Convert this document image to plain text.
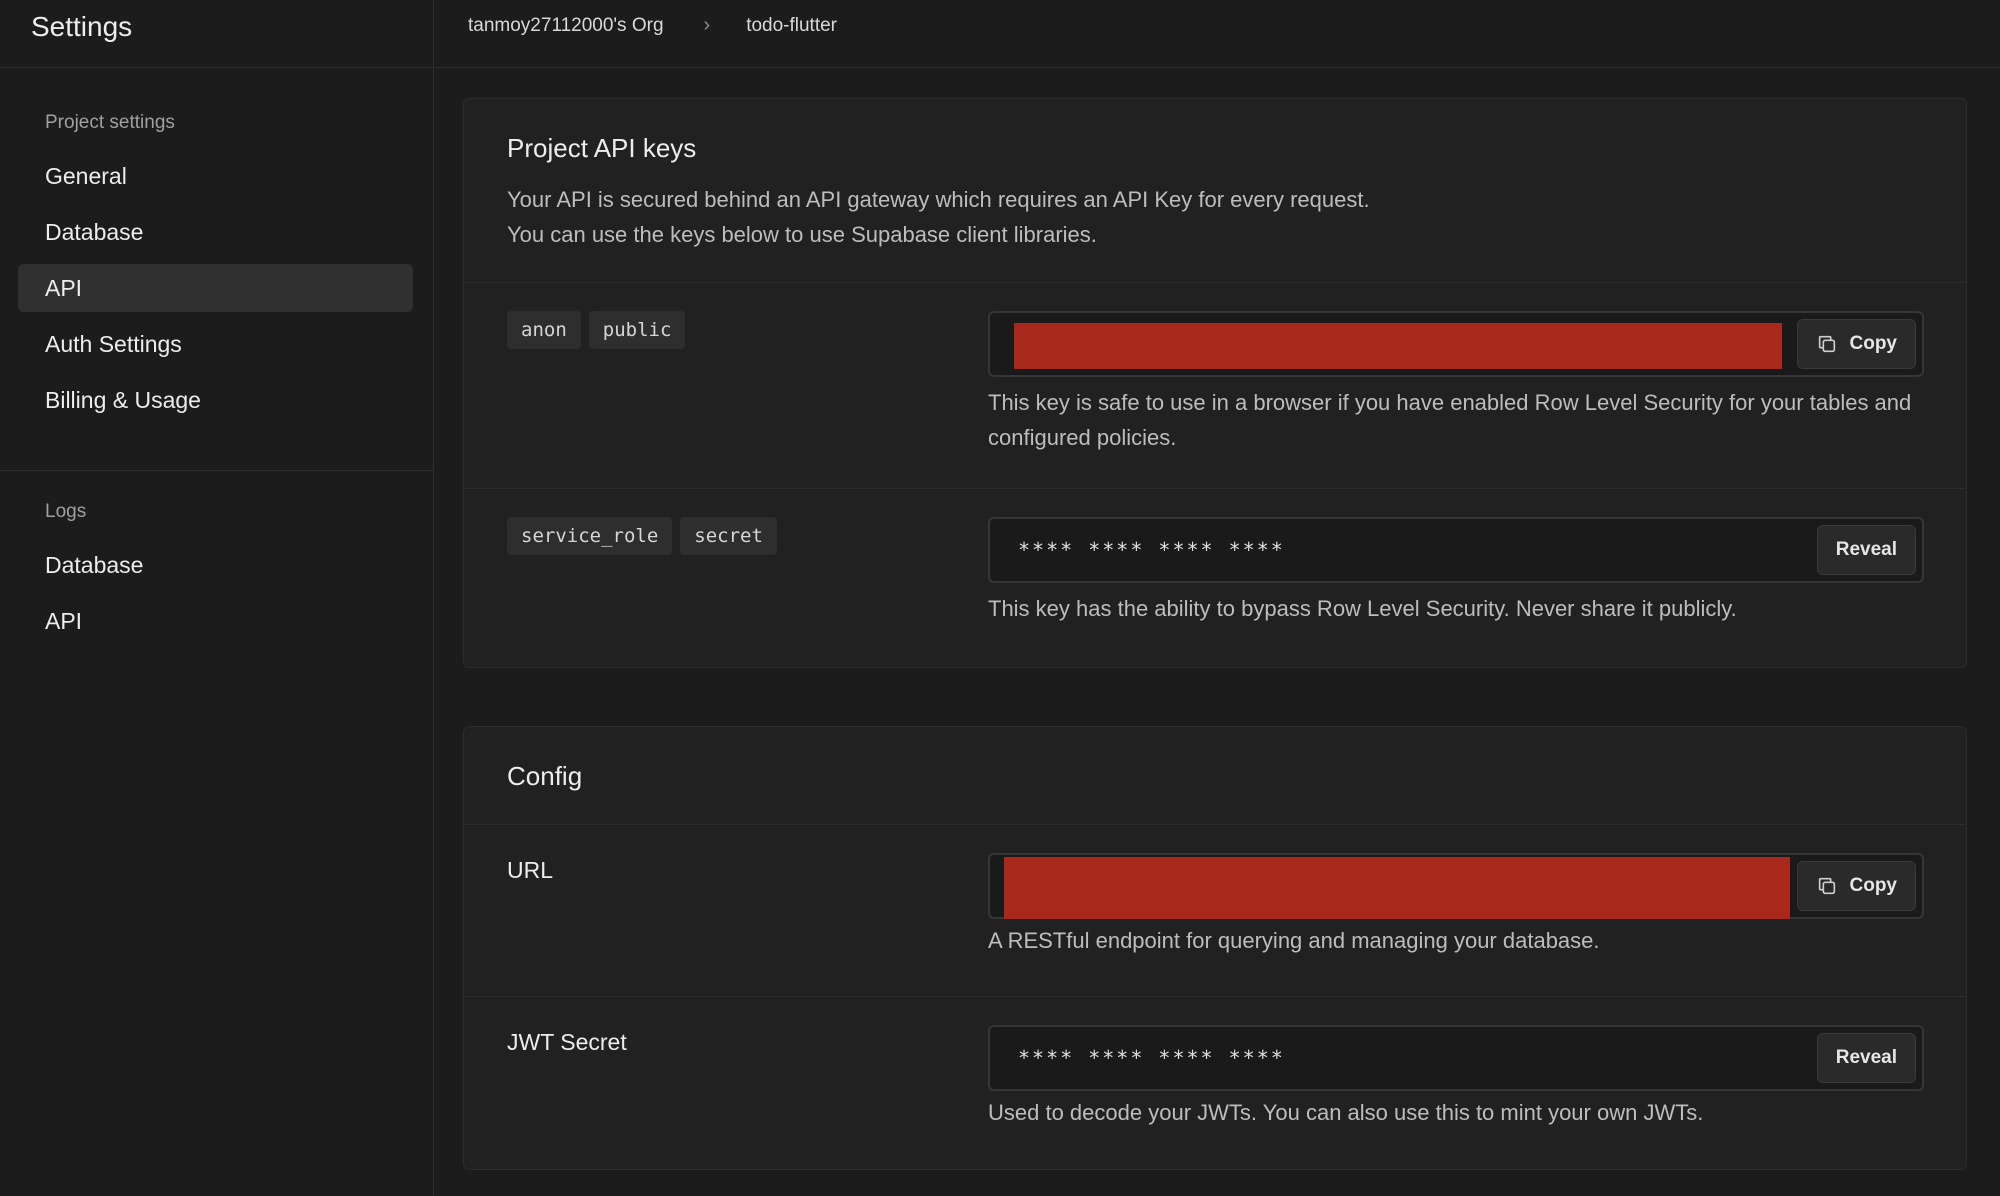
Settings
Project settings
General
Database
API
Auth Settings
Billing & Usage
Logs
Database
API
tanmoy27112000's Org › todo-flutter
Project API keys
Your API is secured behind an API gateway which requires an API Key for every request.
You can use the keys below to use Supabase client libraries.
anon	public
Copy
This key is safe to use in a browser if you have enabled Row Level Security for your tables and configured policies.
service_role	secret
**** **** **** ****	Reveal
This key has the ability to bypass Row Level Security. Never share it publicly.
Config
URL
Copy
A RESTful endpoint for querying and managing your database.
JWT Secret
**** **** **** ****	Reveal
Used to decode your JWTs. You can also use this to mint your own JWTs.
